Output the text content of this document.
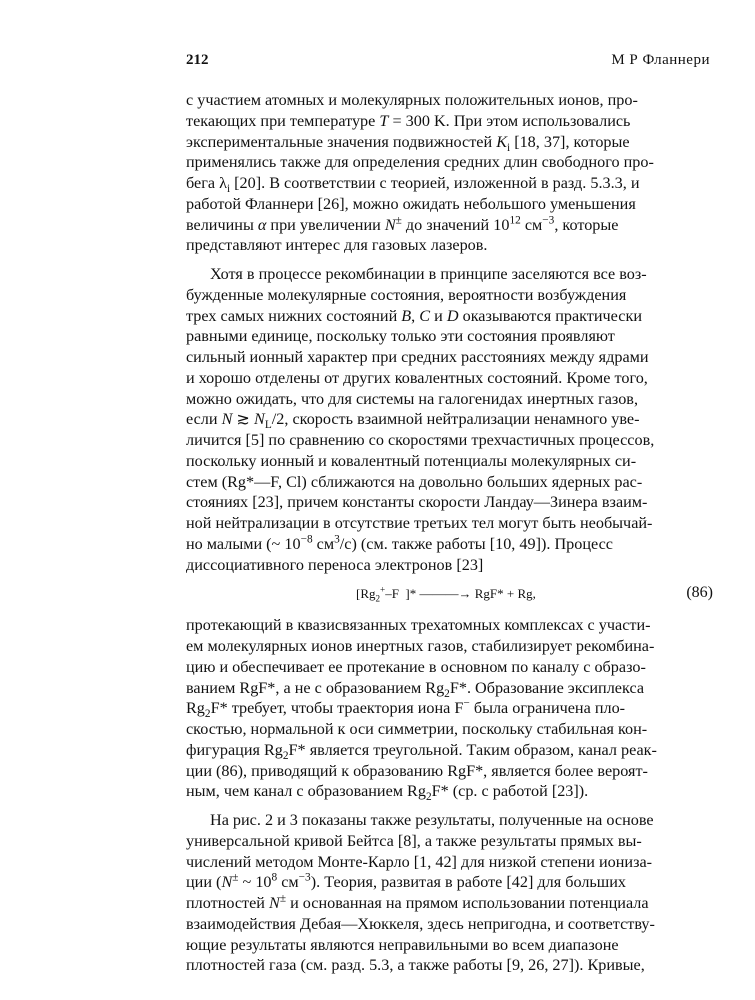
212	М Р Фланнери

с участием атомных и молекулярных положительных ионов, про-

текающих при температуре T = 300 K. При этом использовались

экспериментальные значения подвижностей $K_i$ [18, 37], которые

применялись также для определения средних длин свободного про-

бега $\lambda_i$ [20]. В соответствии с теорией, изложенной в разд. 5.3.3, и

работой Фланнери [26], можно ожидать небольшого уменьшения

величины α при увеличении N± до значений $10^{12}$ $см^{-3}$, которые

представляют интерес для газовых лазеров.

Хотя в процессе рекомбинации в принципе заселяются все воз-

бужденные молекулярные состояния, вероятности возбуждения

трех самых нижних состояний B, C и D оказываются практически

равными единице, поскольку только эти состояния проявляют

сильный ионный характер при средних расстояниях между ядрами

и хорошо отделены от других ковалентных состояний. Кроме того,

можно ожидать, что для системы на галогенидах инертных газов,

если N ≳ $N_L/2$, скорость взаимной нейтрализации ненамного уве-

личится [5] по сравнению со скоростями трехчастичных процессов,

поскольку ионный и ковалентный потенциалы молекулярных си-

стем (Rg*—F, Cl) сближаются на довольно больших ядерных рас-

стояниях [23], причем константы скорости Ландау—Зинера взаим-

ной нейтрализации в отсутствие третьих тел могут быть необычай-

но малыми (~ $10^{-8}$ $см^3/с$) (см. также работы [10, 49]). Процесс

диссоциативного переноса электронов [23]

[$Rg_2^+-F$  ]* ———→ RgF* + Rg,	(86)

протекающий в квазисвязанных трехатомных комплексах с участи-

ем молекулярных ионов инертных газов, стабилизирует рекомбина-

цию и обеспечивает ее протекание в основном по каналу с образо-

ванием RgF*, а не с образованием $Rg_2F*$. Образование эксиплекса

$Rg_2F*$ требует, чтобы траектория иона F− была ограничена пло-

скостью, нормальной к оси симметрии, поскольку стабильная кон-

фигурация $Rg_2F*$ является треугольной. Таким образом, канал реак-

ции (86), приводящий к образованию RgF*, является более вероят-

ным, чем канал с образованием $Rg_2F*$ (ср. с работой [23]).

На рис. 2 и 3 показаны также результаты, полученные на основе

универсальной кривой Бейтса [8], а также результаты прямых вы-

числений методом Монте-Карло [1, 42] для низкой степени иониза-

ции (N± ~ $10^8$ $см^{-3}$). Теория, развитая в работе [42] для больших

плотностей N± и основанная на прямом использовании потенциала

взаимодействия Дебая—Хюккеля, здесь непригодна, и соответству-

ющие результаты являются неправильными во всем диапазоне

плотностей газа (см. разд. 5.3, а также работы [9, 26, 27]). Кривые,
